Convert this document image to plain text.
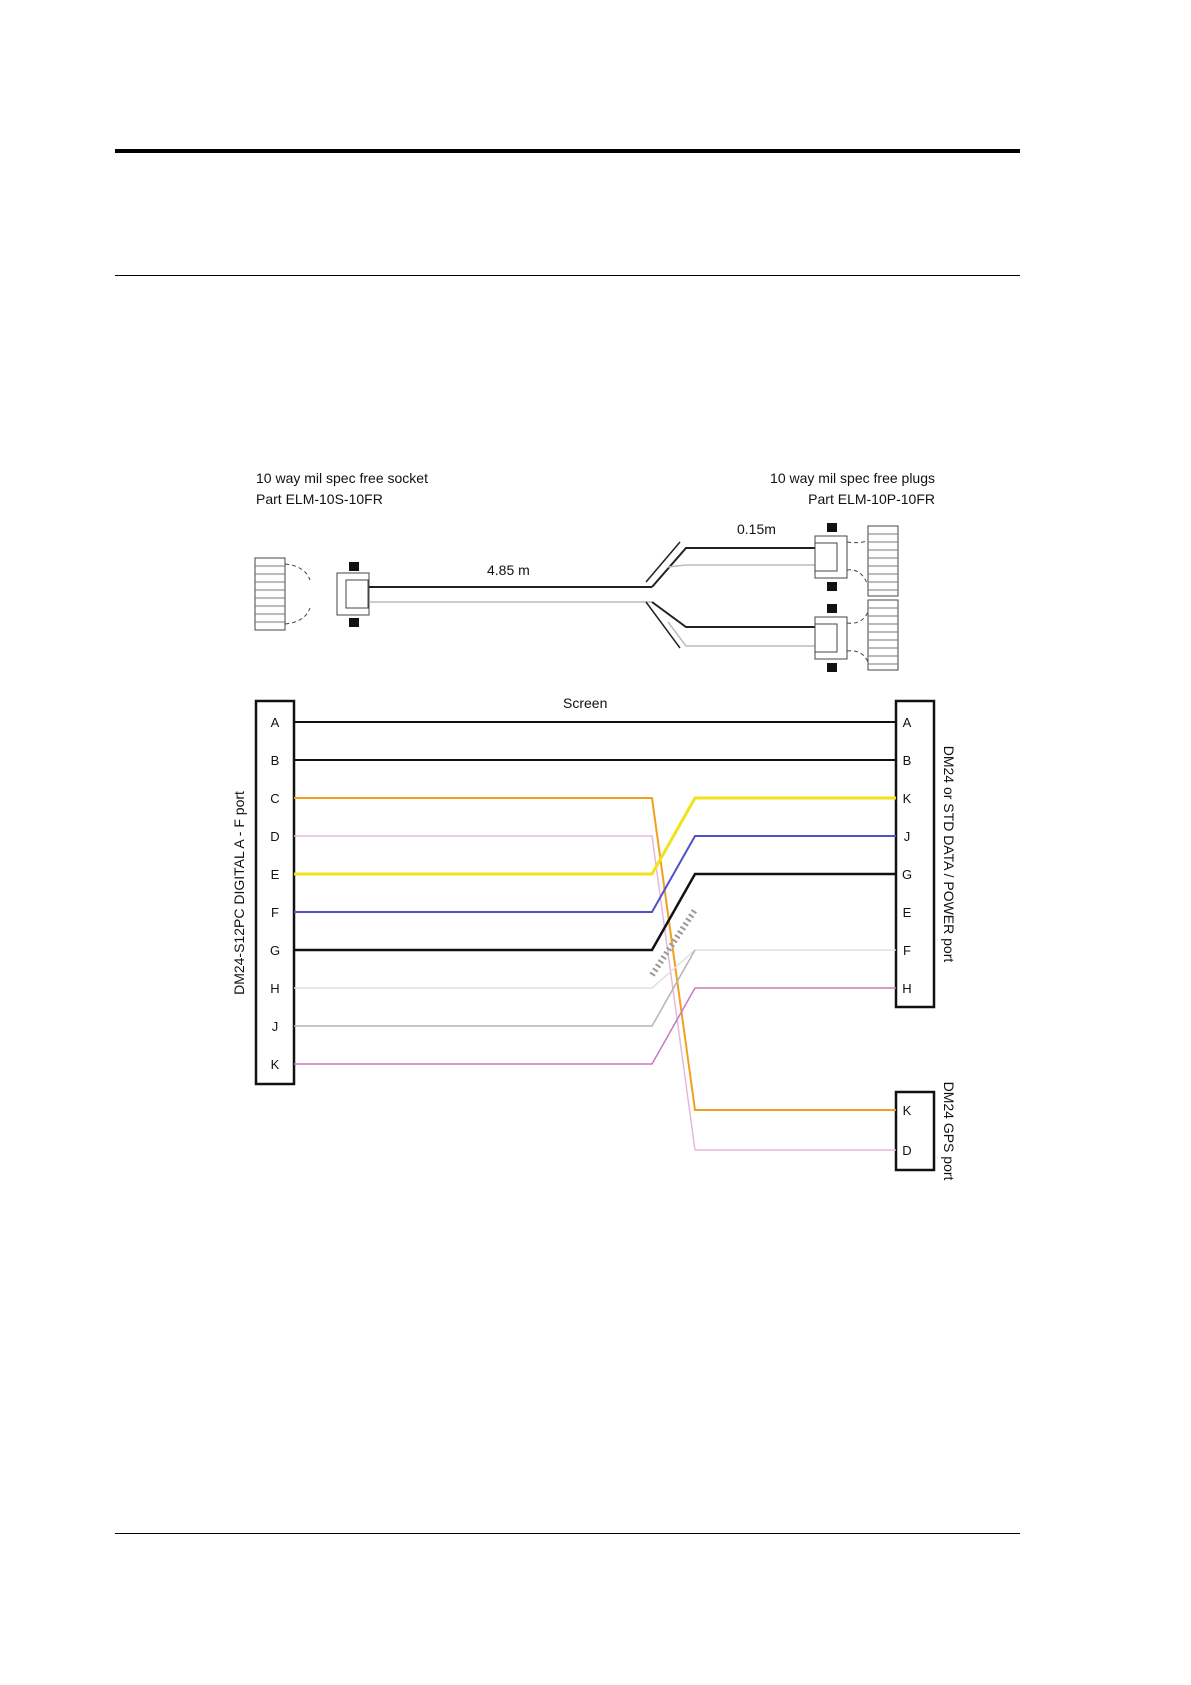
10 way mil spec free socket
Part ELM-10S-10FR
10 way mil spec free plugs
Part ELM-10P-10FR
4.85 m
0.15m
Screen
DM24-S12PC DIGITAL A - F port	DM24 or STD DATA / POWER port
DM24 GPS port
A
B
C
D
E
F
G
H
J
K
A
B
K
J
G
E
F
H
K
D
